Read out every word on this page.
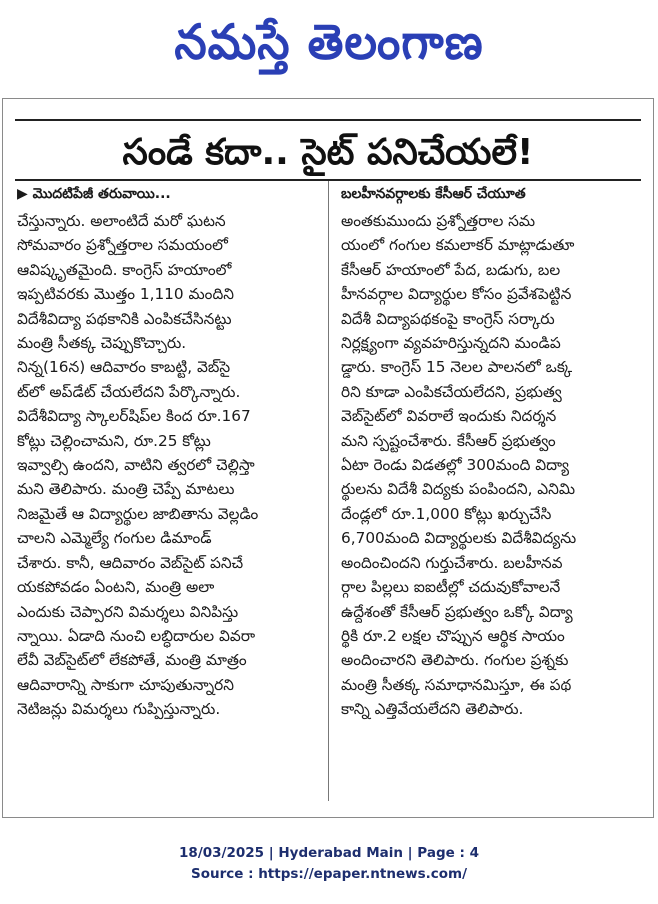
నమస్తే తెలంగాణ
సండే కదా.. సైట్ పనిచేయలే!
▶ మొదటిపేజీ తరువాయి...	బలహీనవర్గాలకు కేసీఆర్ చేయూత
చేస్తున్నారు. అలాంటిదే మరో ఘటన
సోమవారం ప్రశ్నోత్తరాల సమయంలో
ఆవిష్కృతమైంది. కాంగ్రెస్ హయాంలో
ఇప్పటివరకు మొత్తం 1,110 మందిని
విదేశీవిద్యా పథకానికి ఎంపికచేసినట్టు
మంత్రి సీతక్క చెప్పుకొచ్చారు.
నిన్న(16న) ఆదివారం కాబట్టి, వెబ్‌సై
ట్‌లో అప్‌డేట్ చేయలేదని పేర్కొన్నారు.
విదేశీవిద్యా స్కాలర్‌షిప్‌ల కింద రూ.167
కోట్లు చెల్లించామని, రూ.25 కోట్లు
ఇవ్వాల్సి ఉందని, వాటిని త్వరలో చెల్లిస్తా
మని తెలిపారు. మంత్రి చెప్పే మాటలు
నిజమైతే ఆ విద్యార్థుల జాబితాను వెల్లడిం
చాలని ఎమ్మెల్యే గంగుల డిమాండ్
చేశారు. కానీ, ఆదివారం వెబ్‌సైట్ పనిచే
యకపోవడం ఏంటని, మంత్రి అలా
ఎందుకు చెప్పారని విమర్శలు వినిపిస్తు
న్నాయి. ఏడాది నుంచి లబ్ధిదారుల వివరా
లేవీ వెబ్‌సైట్‌లో లేకపోతే, మంత్రి మాత్రం
ఆదివారాన్ని సాకుగా చూపుతున్నారని
నెటిజన్లు విమర్శలు గుప్పిస్తున్నారు.
అంతకుముందు ప్రశ్నోత్తరాల సమ
యంలో గంగుల కమలాకర్ మాట్లాడుతూ
కేసీఆర్ హయాంలో పేద, బడుగు, బల
హీనవర్గాల విద్యార్థుల కోసం ప్రవేశపెట్టిన
విదేశీ విద్యాపథకంపై కాంగ్రెస్ సర్కారు
నిర్లక్ష్యంగా వ్యవహరిస్తున్నదని మండిప
డ్డారు. కాంగ్రెస్ 15 నెలల పాలనలో ఒక్క
రిని కూడా ఎంపికచేయలేదని, ప్రభుత్వ
వెబ్‌సైట్‌లో వివరాలే ఇందుకు నిదర్శన
మని స్పష్టంచేశారు. కేసీఆర్ ప్రభుత్వం
ఏటా రెండు విడతల్లో 300మంది విద్యా
ర్థులను విదేశీ విద్యకు పంపిందని, ఎనిమి
దేండ్లలో రూ.1,000 కోట్లు ఖర్చుచేసి
6,700మంది విద్యార్థులకు విదేశీవిద్యను
అందించిందని గుర్తుచేశారు. బలహీనవ
ర్గాల పిల్లలు ఐఐటీల్లో చదువుకోవాలనే
ఉద్దేశంతో కేసీఆర్ ప్రభుత్వం ఒక్కో విద్యా
ర్థికి రూ.2 లక్షల చొప్పున ఆర్థిక సాయం
అందించారని తెలిపారు. గంగుల ప్రశ్నకు
మంత్రి సీతక్క సమాధానమిస్తూ, ఈ పథ
కాన్ని ఎత్తివేయలేదని తెలిపారు.
18/03/2025 | Hyderabad Main | Page : 4
Source : https://epaper.ntnews.com/
